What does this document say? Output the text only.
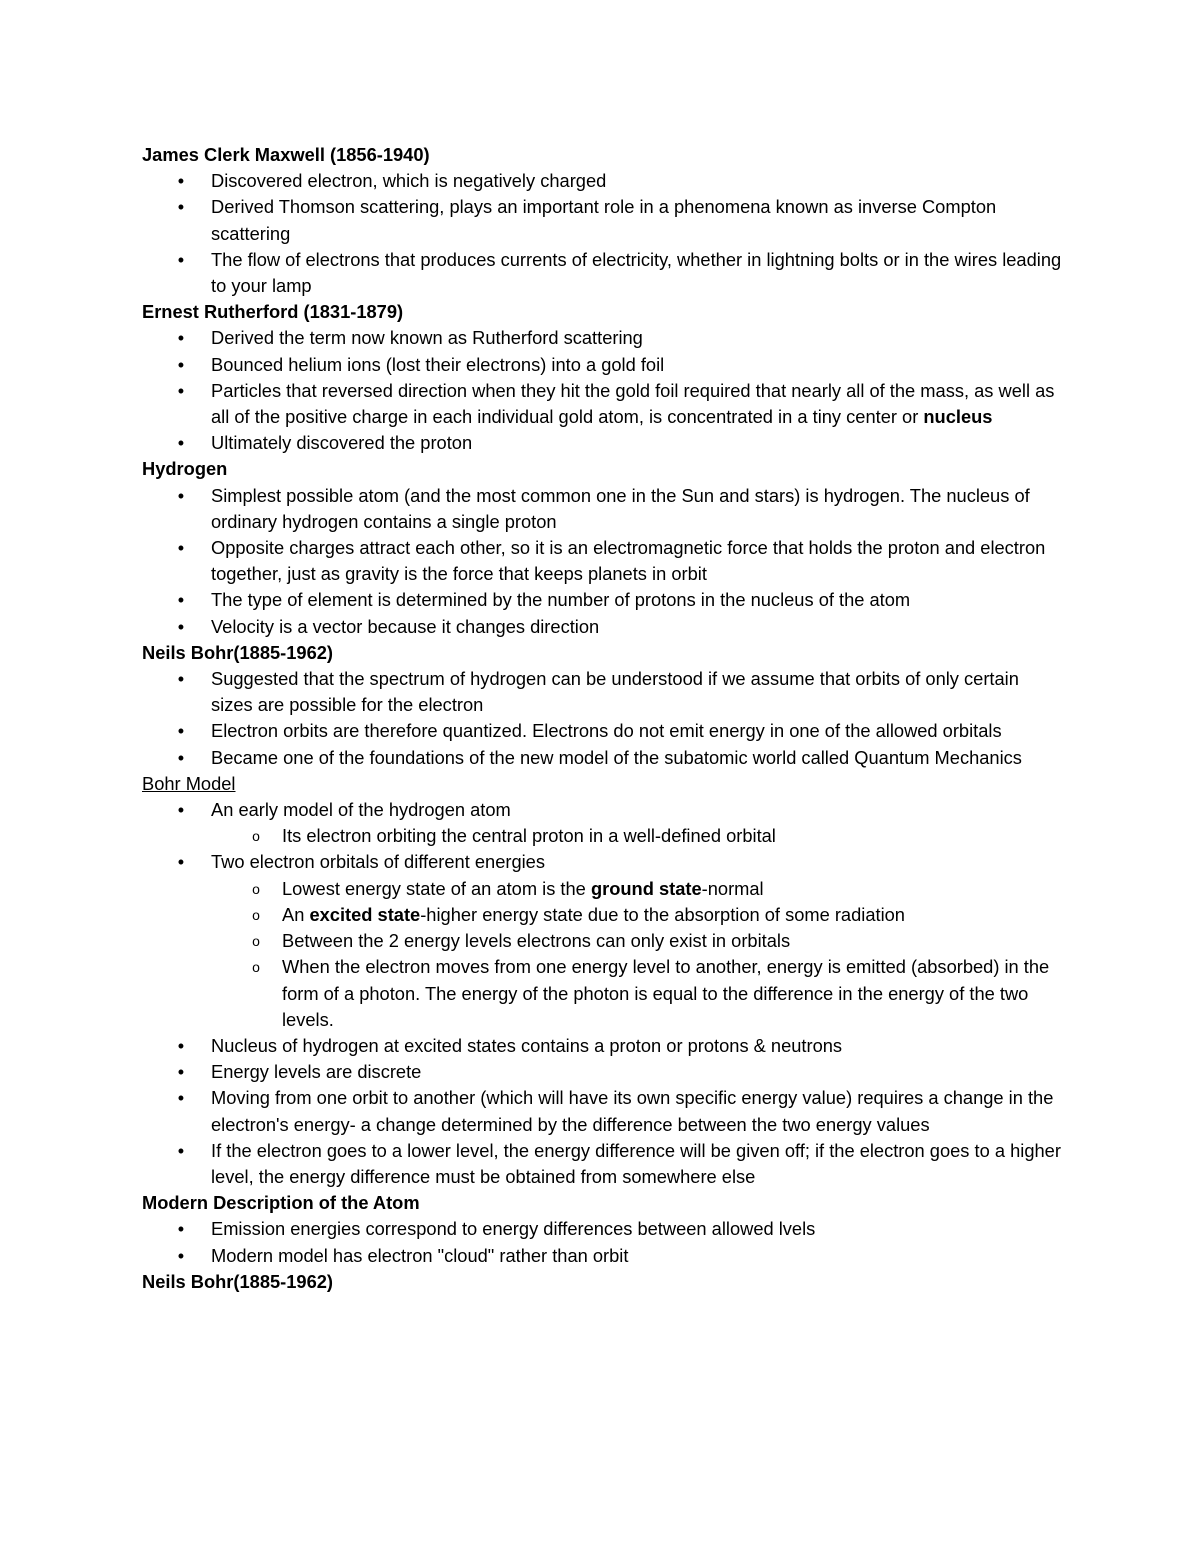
James Clerk Maxwell (1856-1940)

• Discovered electron, which is negatively charged
• Derived Thomson scattering, plays an important role in a phenomena known as inverse Compton scattering
• The flow of electrons that produces currents of electricity, whether in lightning bolts or in the wires leading to your lamp

Ernest Rutherford (1831-1879)

• Derived the term now known as Rutherford scattering
• Bounced helium ions (lost their electrons) into a gold foil
• Particles that reversed direction when they hit the gold foil required that nearly all of the mass, as well as all of the positive charge in each individual gold atom, is concentrated in a tiny center or nucleus
• Ultimately discovered the proton

Hydrogen

• Simplest possible atom (and the most common one in the Sun and stars) is hydrogen. The nucleus of ordinary hydrogen contains a single proton
• Opposite charges attract each other, so it is an electromagnetic force that holds the proton and electron together, just as gravity is the force that keeps planets in orbit
• The type of element is determined by the number of protons in the nucleus of the atom
• Velocity is a vector because it changes direction

Neils Bohr(1885-1962)

• Suggested that the spectrum of hydrogen can be understood if we assume that orbits of only certain sizes are possible for the electron
• Electron orbits are therefore quantized. Electrons do not emit energy in one of the allowed orbitals
• Became one of the foundations of the new model of the subatomic world called Quantum Mechanics

Bohr Model

• An early model of the hydrogen atom
o Its electron orbiting the central proton in a well-defined orbital
• Two electron orbitals of different energies
o Lowest energy state of an atom is the ground state-normal
o An excited state-higher energy state due to the absorption of some radiation
o Between the 2 energy levels electrons can only exist in orbitals
o When the electron moves from one energy level to another, energy is emitted (absorbed) in the form of a photon. The energy of the photon is equal to the difference in the energy of the two levels.
• Nucleus of hydrogen at excited states contains a proton or protons & neutrons
• Energy levels are discrete
• Moving from one orbit to another (which will have its own specific energy value) requires a change in the electron's energy- a change determined by the difference between the two energy values
• If the electron goes to a lower level, the energy difference will be given off; if the electron goes to a higher level, the energy difference must be obtained from somewhere else

Modern Description of the Atom

• Emission energies correspond to energy differences between allowed lvels
• Modern model has electron "cloud" rather than orbit

Neils Bohr(1885-1962)
